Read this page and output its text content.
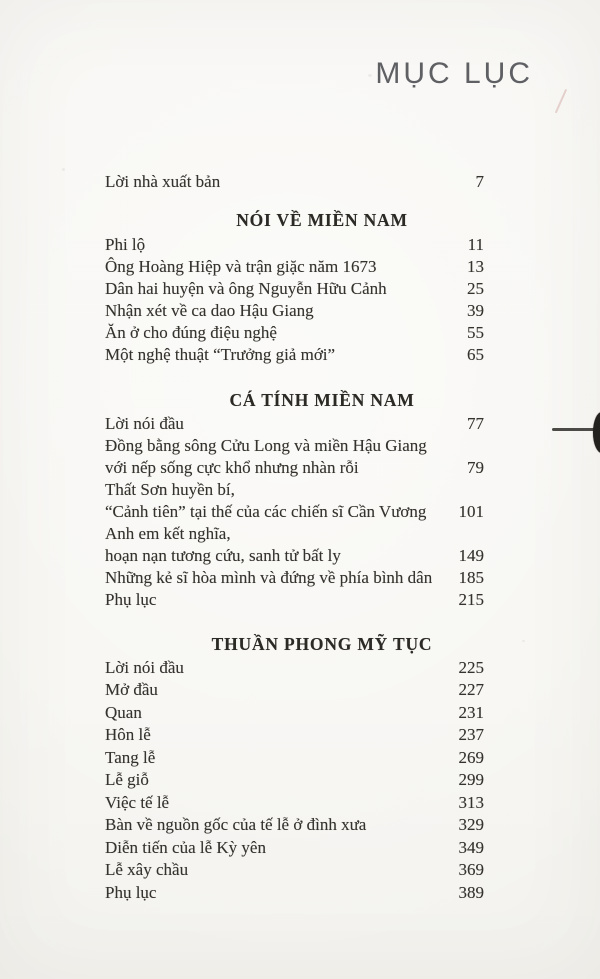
MỤC LỤC
Lời nhà xuất bản	7
NÓI VỀ MIỀN NAM
Phi lộ	11
Ông Hoàng Hiệp và trận giặc năm 1673	13
Dân hai huyện và ông Nguyễn Hữu Cảnh	25
Nhận xét về ca dao Hậu Giang	39
Ăn ở cho đúng điệu nghệ	55
Một nghệ thuật “Trưởng giả mới”	65
CÁ TÍNH MIỀN NAM
Lời nói đầu	77
Đồng bằng sông Cửu Long và miền Hậu Giang
với nếp sống cực khổ nhưng nhàn rỗi	79
Thất Sơn huyền bí,
“Cảnh tiên” tại thế của các chiến sĩ Cần Vương	101
Anh em kết nghĩa,
hoạn nạn tương cứu, sanh tử bất ly	149
Những kẻ sĩ hòa mình và đứng về phía bình dân	185
Phụ lục	215
THUẦN PHONG MỸ TỤC
Lời nói đầu	225
Mở đầu	227
Quan	231
Hôn lễ	237
Tang lễ	269
Lễ giỗ	299
Việc tế lễ	313
Bàn về nguồn gốc của tế lễ ở đình xưa	329
Diễn tiến của lễ Kỳ yên	349
Lễ xây chầu	369
Phụ lục	389
